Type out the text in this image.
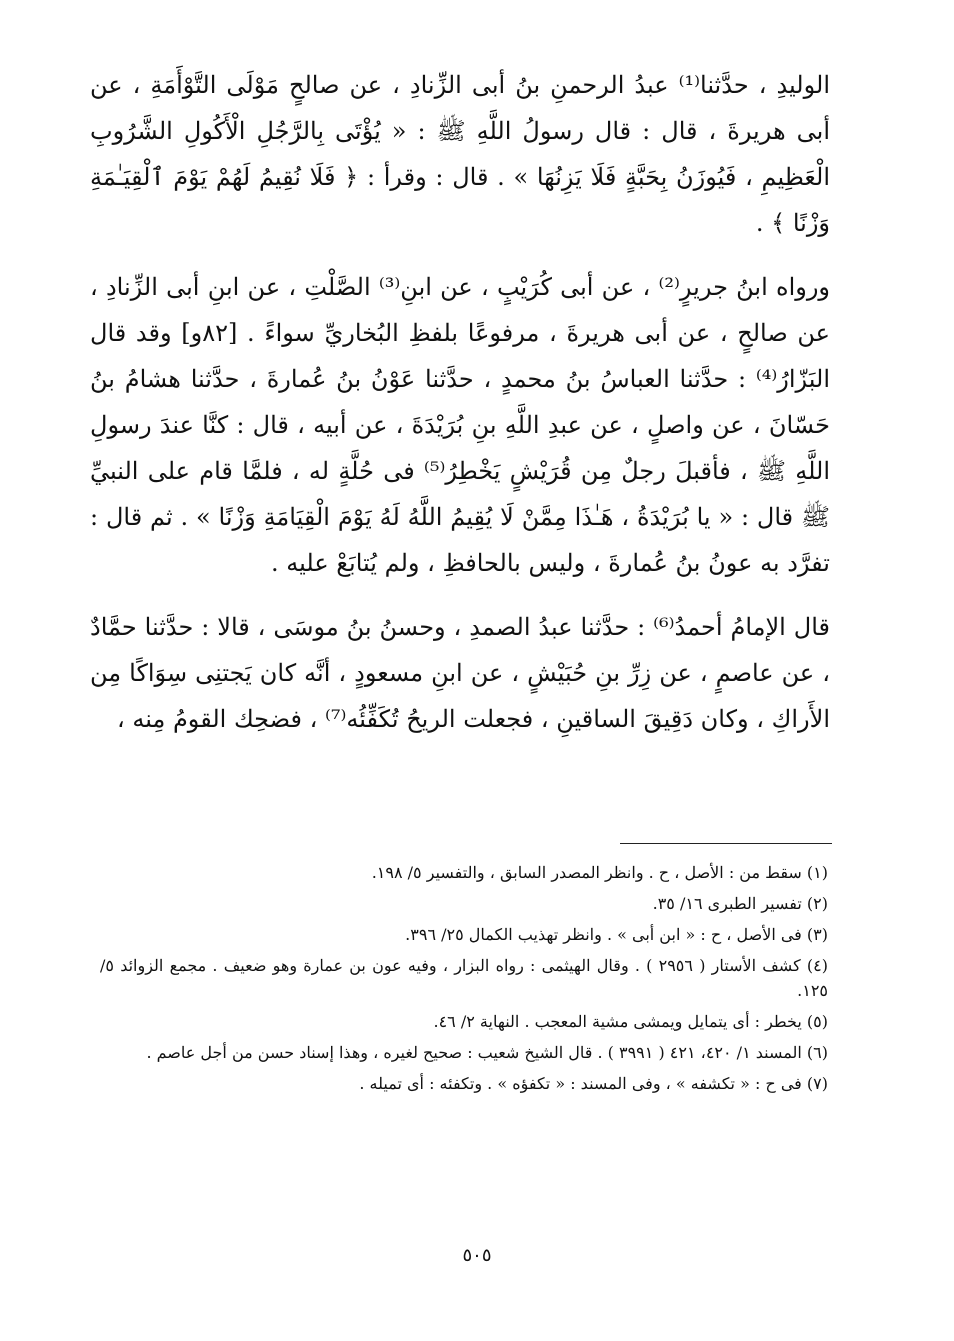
الوليدِ ، حدَّثنا⁽¹⁾ عبدُ الرحمنِ بنُ أبى الزِّنادِ ، عن صالحٍ مَوْلَى التَّوْأَمَةِ ، عن أبى هريرةَ ، قال : قال رسولُ اللَّهِ ﷺ : « يُؤْتَى بِالرَّجُلِ الْأَكُولِ الشَّرُوبِ الْعَظِيمِ ، فَيُوزَنُ بِحَبَّةٍ فَلَا يَزِنُهَا » . قال : وقرأ : ﴿ فَلَا نُقِيمُ لَهُمْ يَوْمَ ٱلْقِيَـٰمَةِ وَزْنًا ﴾ .

ورواه ابنُ جريرٍ⁽²⁾ ، عن أبى كُرَيْبٍ ، عن ابنِ⁽³⁾ الصَّلْتِ ، عن ابنِ أبى الزِّنادِ ، عن صالحٍ ، عن أبى هريرةَ ، مرفوعًا بلفظِ البُخاريِّ سواءً . [٨٢و] وقد قال البَزّارُ⁽⁴⁾ : حدَّثنا العباسُ بنُ محمدٍ ، حدَّثنا عَوْنُ بنُ عُمارةَ ، حدَّثنا هشامُ بنُ حَسّانَ ، عن واصلٍ ، عن عبدِ اللَّهِ بنِ بُرَيْدَةَ ، عن أبيه ، قال : كنَّا عندَ رسولِ اللَّهِ ﷺ ، فأقبلَ رجلٌ مِن قُرَيْشٍ يَخْطِرُ⁽⁵⁾ فى حُلَّةٍ له ، فلمَّا قام على النبيِّ ﷺ قال : « يا بُرَيْدَةُ ، هَـٰذَا مِمَّنْ لَا يُقِيمُ اللَّهُ لَهُ يَوْمَ الْقِيَامَةِ وَزْنًا » . ثم قال : تفرَّد به عونُ بنُ عُمارةَ ، وليس بالحافظِ ، ولم يُتابَعْ عليه .

قال الإمامُ أحمدُ⁽⁶⁾ : حدَّثنا عبدُ الصمدِ ، وحسنُ بنُ موسَى ، قالا : حدَّثنا حمَّادٌ ، عن عاصمٍ ، عن زِرِّ بنِ حُبَيْشٍ ، عن ابنِ مسعودٍ ، أنَّه كان يَجتنِى سِوَاكًا مِن الأَراكِ ، وكان دَقِيقَ الساقينِ ، فجعلت الريحُ تُكَفِّئُه⁽⁷⁾ ، فضحِك القومُ مِنه ،

(١) سقط من : الأصل ، ح . وانظر المصدر السابق ، والتفسير ٥/ ١٩٨.

(٢) تفسير الطبرى ١٦/ ٣٥.

(٣) فى الأصل ، ح : « ابن أبى » . وانظر تهذيب الكمال ٢٥/ ٣٩٦.

(٤) كشف الأستار ( ٢٩٥٦ ) . وقال الهيثمى : رواه البزار ، وفيه عون بن عمارة وهو ضعيف . مجمع الزوائد ٥/ ١٢٥.

(٥) يخطر : أى يتمايل ويمشى مشية المعجب . النهاية ٢/ ٤٦.

(٦) المسند ١/ ٤٢٠، ٤٢١ ( ٣٩٩١ ) . قال الشيخ شعيب : صحيح لغيره ، وهذا إسناد حسن من أجل عاصم .

(٧) فى ح : « تكشفه » ، وفى المسند : « تكفؤه » . وتكفئه : أى تميله .

٥٠٥
